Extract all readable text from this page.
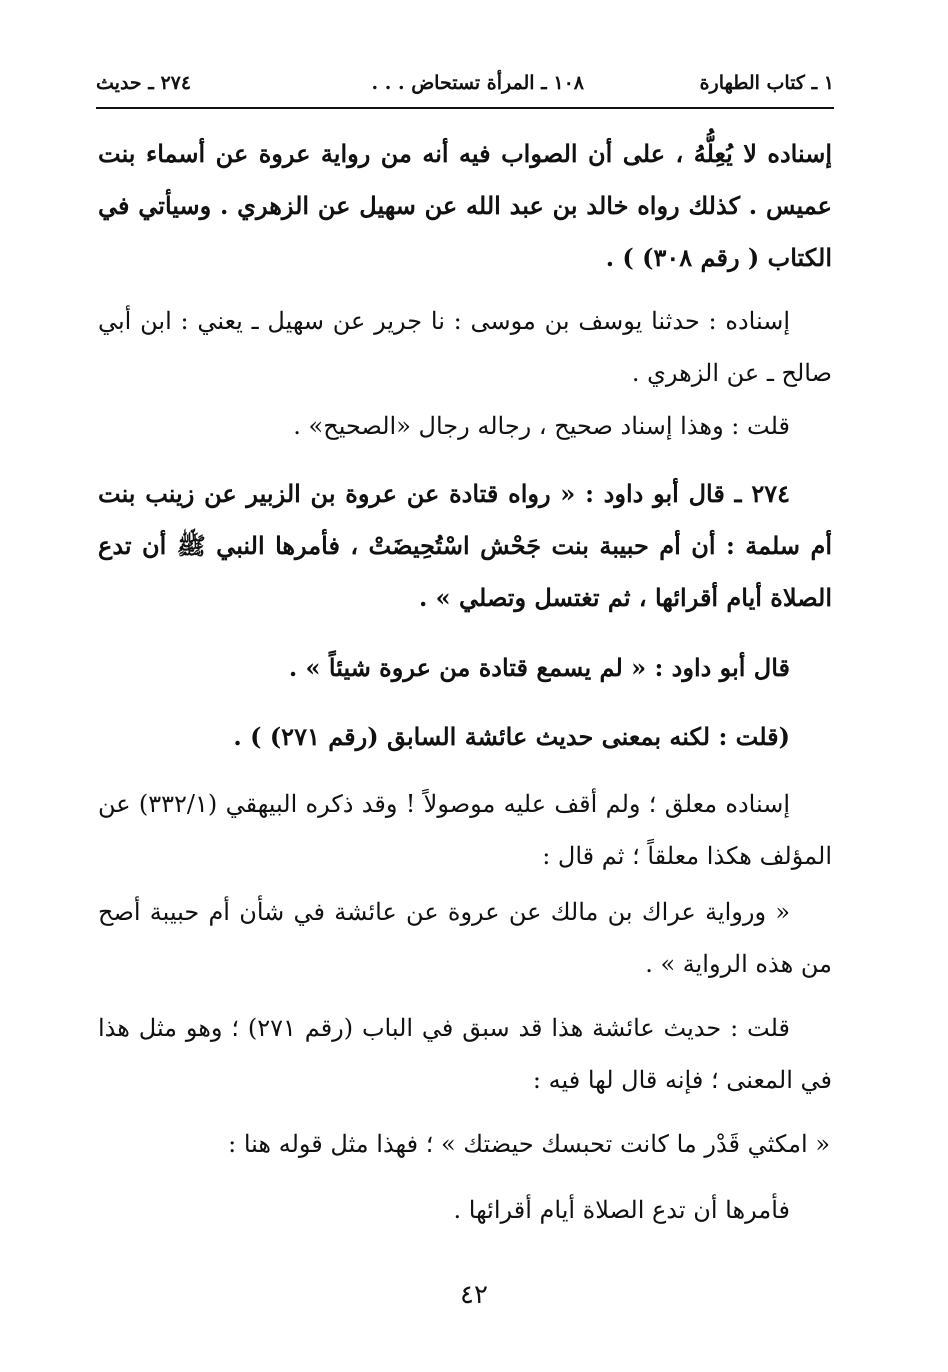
١ ـ كتاب الطهارة
١٠٨ ـ المرأة تستحاض . . .
٢٧٤ ـ حديث
إسناده لا يُعِلُّهُ ، على أن الصواب فيه أنه من رواية عروة عن أسماء بنت عميس . كذلك رواه خالد بن عبد الله عن سهيل عن الزهري . وسيأتي في الكتاب ( رقم ٣٠٨) ) .
إسناده : حدثنا يوسف بن موسى : نا جرير عن سهيل ـ يعني : ابن أبي صالح ـ عن الزهري .
قلت : وهذا إسناد صحيح ، رجاله رجال «الصحيح» .
٢٧٤ ـ قال أبو داود : « رواه قتادة عن عروة بن الزبير عن زينب بنت أم سلمة : أن أم حبيبة بنت جَحْش اسْتُحِيضَتْ ، فأمرها النبي ﷺ أن تدع الصلاة أيام أقرائها ، ثم تغتسل وتصلي » .
قال أبو داود : « لم يسمع قتادة من عروة شيئاً » .
(قلت : لكنه بمعنى حديث عائشة السابق (رقم ٢٧١) ) .
إسناده معلق ؛ ولم أقف عليه موصولاً ! وقد ذكره البيهقي (٣٣٢/١) عن المؤلف هكذا معلقاً ؛ ثم قال :
« ورواية عراك بن مالك عن عروة عن عائشة في شأن أم حبيبة أصح من هذه الرواية » .
قلت : حديث عائشة هذا قد سبق في الباب (رقم ٢٧١) ؛ وهو مثل هذا في المعنى ؛ فإنه قال لها فيه :
« امكثي قَدْر ما كانت تحبسك حيضتك » ؛ فهذا مثل قوله هنا :
فأمرها أن تدع الصلاة أيام أقرائها .
٤٢
